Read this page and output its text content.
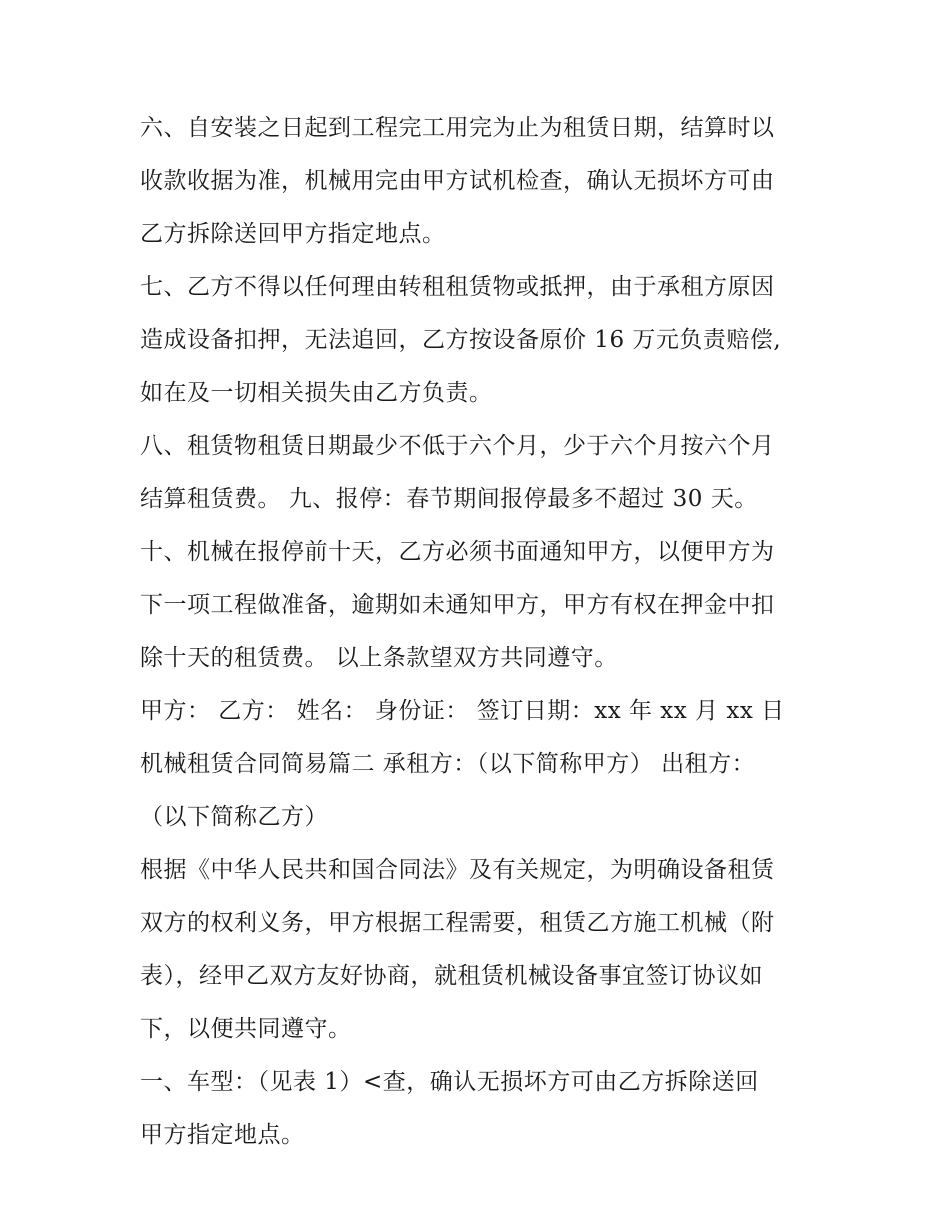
六、自安装之日起到工程完工用完为止为租赁日期，结算时以
收款收据为准，机械用完由甲方试机检查，确认无损坏方可由
乙方拆除送回甲方指定地点。
七、乙方不得以任何理由转租租赁物或抵押，由于承租方原因
造成设备扣押，无法追回，乙方按设备原价 16 万元负责赔偿,
如在及一切相关损失由乙方负责。
八、租赁物租赁日期最少不低于六个月，少于六个月按六个月
结算租赁费。 九、报停：春节期间报停最多不超过 30 天。
十、机械在报停前十天，乙方必须书面通知甲方，以便甲方为
下一项工程做准备，逾期如未通知甲方，甲方有权在押金中扣
除十天的租赁费。 以上条款望双方共同遵守。
甲方： 乙方： 姓名： 身份证： 签订日期：xx 年 xx 月 xx 日
机械租赁合同简易篇二 承租方：（以下简称甲方） 出租方：
（以下简称乙方）
根据《中华人民共和国合同法》及有关规定，为明确设备租赁
双方的权利义务，甲方根据工程需要，租赁乙方施工机械（附
表），经甲乙双方友好协商，就租赁机械设备事宜签订协议如
下，以便共同遵守。
一、车型：（见表 1）<查，确认无损坏方可由乙方拆除送回
甲方指定地点。
